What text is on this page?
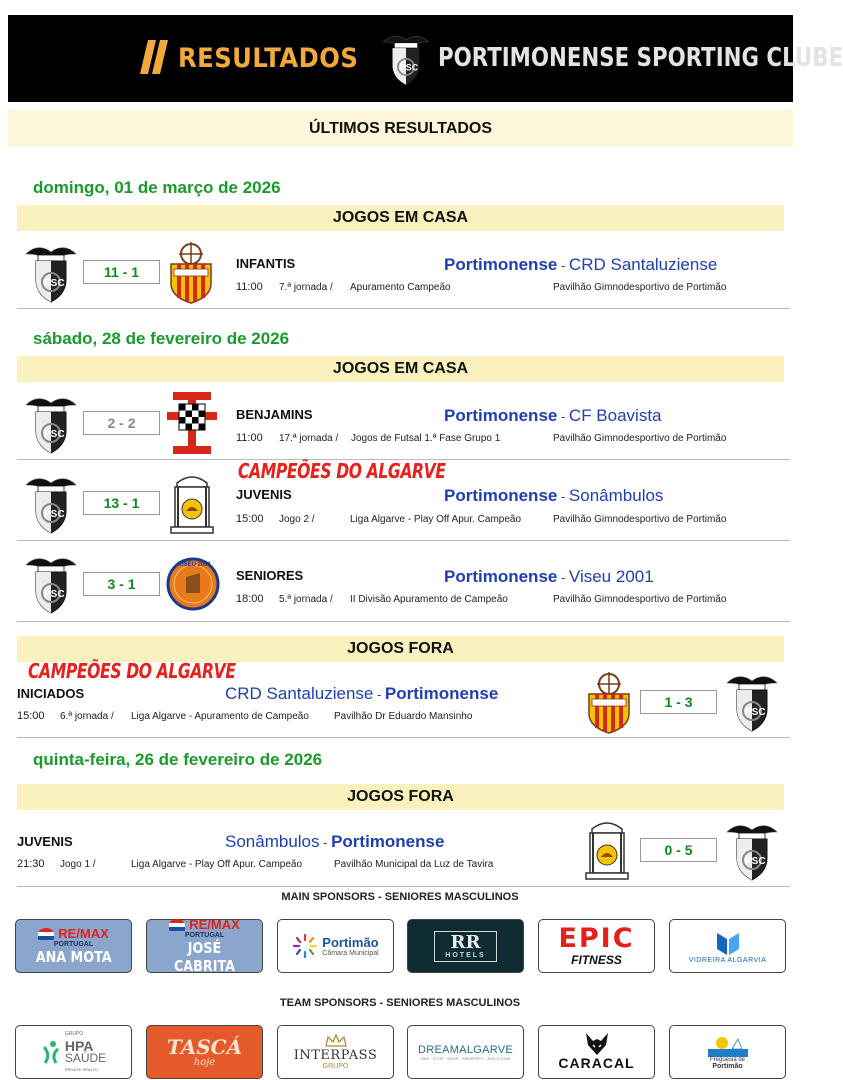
RESULTADOS	PORTIMONENSE SPORTING CLUBE
ÚLTIMOS RESULTADOS
domingo, 01 de março de 2026
JOGOS EM CASA
11 - 1
INFANTIS	Portimonense - CRD Santaluziense
11:00 7.ª jornada / Apuramento Campeão	Pavilhão Gimnodesportivo de Portimão
sábado, 28 de fevereiro de 2026
JOGOS EM CASA
2 - 2
BENJAMINS	Portimonense - CF Boavista
11:00 17.ª jornada / Jogos de Futsal 1.ª Fase Grupo 1	Pavilhão Gimnodesportivo de Portimão
CAMPEÕES DO ALGARVE
13 - 1
JUVENIS	Portimonense - Sonâmbulos
15:00 Jogo 2 /	Liga Algarve - Play Off Apur. Campeão	Pavilhão Gimnodesportivo de Portimão
3 - 1
VISEU 2001
SENIORES	Portimonense - Viseu 2001
18:00 5.ª jornada / II Divisão Apuramento de Campeão	Pavilhão Gimnodesportivo de Portimão
JOGOS FORA
CAMPEÕES DO ALGARVE
INICIADOS	CRD Santaluziense - Portimonense
15:00 6.ª jornada / Liga Algarve - Apuramento de Campeão	Pavilhão Dr Eduardo Mansinho
1 - 3
quinta-feira, 26 de fevereiro de 2026
JOGOS FORA
JUVENIS	Sonâmbulos - Portimonense
21:30 Jogo 1 /	Liga Algarve - Play Off Apur. Campeão	Pavilhão Municipal da Luz de Tavira
0 - 5
MAIN SPONSORS - SENIORES MASCULINOS
RE/MAX
PORTUGAL
ANA MOTA
RE/MAX
PORTUGAL
JOSÉ CABRITA
Portimão
Câmara Municipal
RR
HOTELS
EPIC
FITNESS	VIDREIRA ALGARVIA
TEAM SPONSORS - SENIORES MASCULINOS
GRUPO
HPA
SAÚDE
PRIVATE HEALTH
TASCÁ
hoje	INTERPASS
GRUPO
DREAMALGARVE
ONE · STOP · SHOP · PROPERTY · SOLUTIONS	CARACAL	Freguesia de
Portimão
